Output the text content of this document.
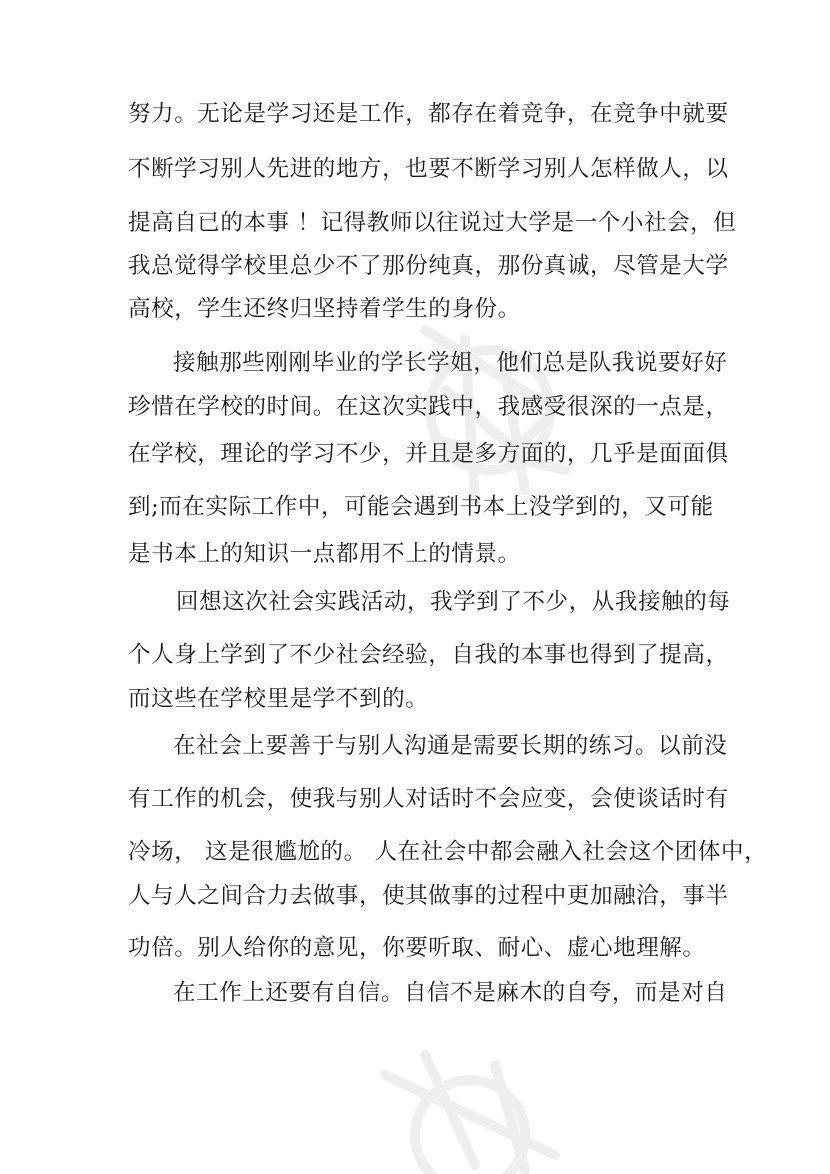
努力。无论是学习还是工作，都存在着竞争，在竞争中就要
不断学习别人先进的地方，也要不断学习别人怎样做人，以
提高自已的本事 ！记得教师以往说过大学是一个小社会，但
我总觉得学校里总少不了那份纯真，那份真诚，尽管是大学
高校，学生还终归坚持着学生的身份。
接触那些刚刚毕业的学长学姐，他们总是队我说要好好
珍惜在学校的时间。在这次实践中，我感受很深的一点是，
在学校，理论的学习不少，并且是多方面的，几乎是面面俱
到;而在实际工作中，可能会遇到书本上没学到的，又可能
是书本上的知识一点都用不上的情景。
回想这次社会实践活动，我学到了不少，从我接触的每
个人身上学到了不少社会经验，自我的本事也得到了提高，
而这些在学校里是学不到的。
在社会上要善于与别人沟通是需要长期的练习。以前没
有工作的机会，使我与别人对话时不会应变，会使谈话时有
冷场， 这是很尴尬的。 人在社会中都会融入社会这个团体中，
人与人之间合力去做事，使其做事的过程中更加融洽，事半
功倍。别人给你的意见，你要听取、耐心、虚心地理解。
在工作上还要有自信。自信不是麻木的自夸，而是对自
